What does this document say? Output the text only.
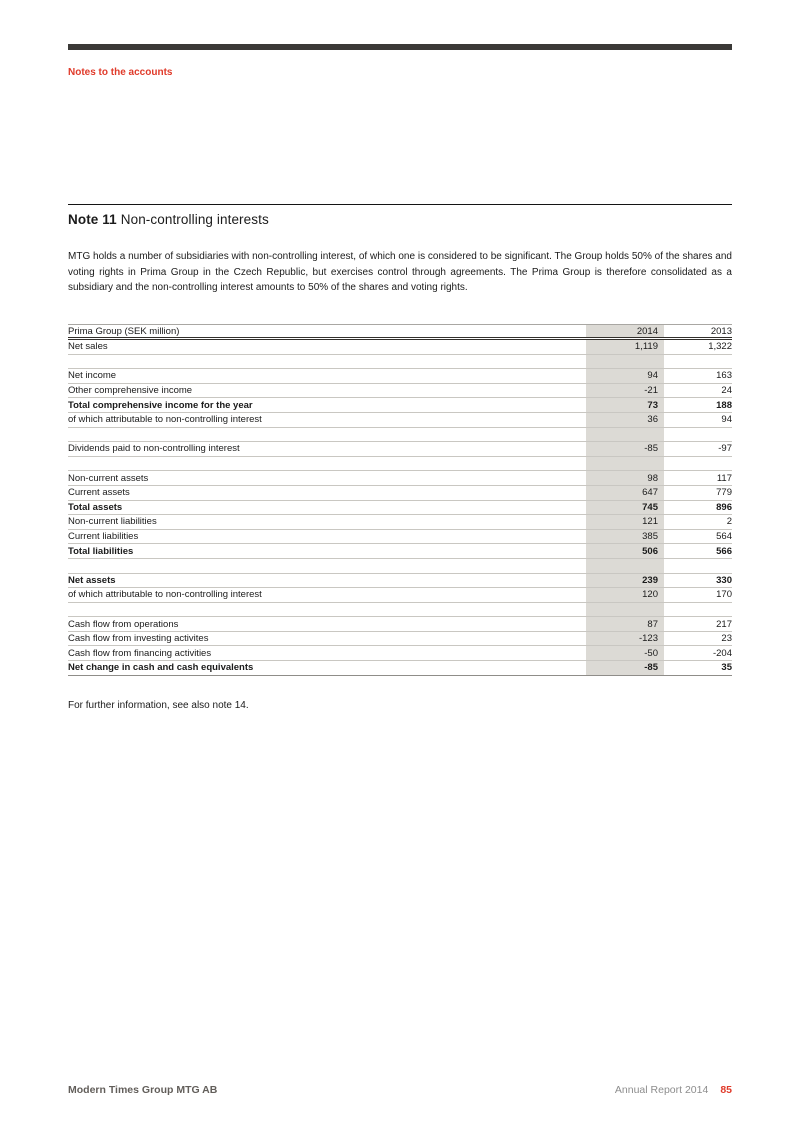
Notes to the accounts
Note 11 Non-controlling interests

MTG holds a number of subsidiaries with non-controlling interest, of which one is considered to be significant. The Group holds 50% of the shares and voting rights in Prima Group in the Czech Republic, but exercises control through agreements. The Prima Group is therefore consolidated as a subsidiary and the non-controlling interest amounts to 50% of the shares and voting rights.

Prima Group (SEK million)	2014	2013
Net sales	1,119	1,322
Net income	94	163
Other comprehensive income	-21	24
Total comprehensive income for the year	73	188
of which attributable to non-controlling interest	36	94
Dividends paid to non-controlling interest	-85	-97
Non-current assets	98	117
Current assets	647	779
Total assets	745	896
Non-current liabilities	121	2
Current liabilities	385	564
Total liabilities	506	566
Net assets	239	330
of which attributable to non-controlling interest	120	170
Cash flow from operations	87	217
Cash flow from investing activites	-123	23
Cash flow from financing activities	-50	-204
Net change in cash and cash equivalents	-85	35

For further information, see also note 14.

Modern Times Group MTG AB	Annual Report 2014 85
